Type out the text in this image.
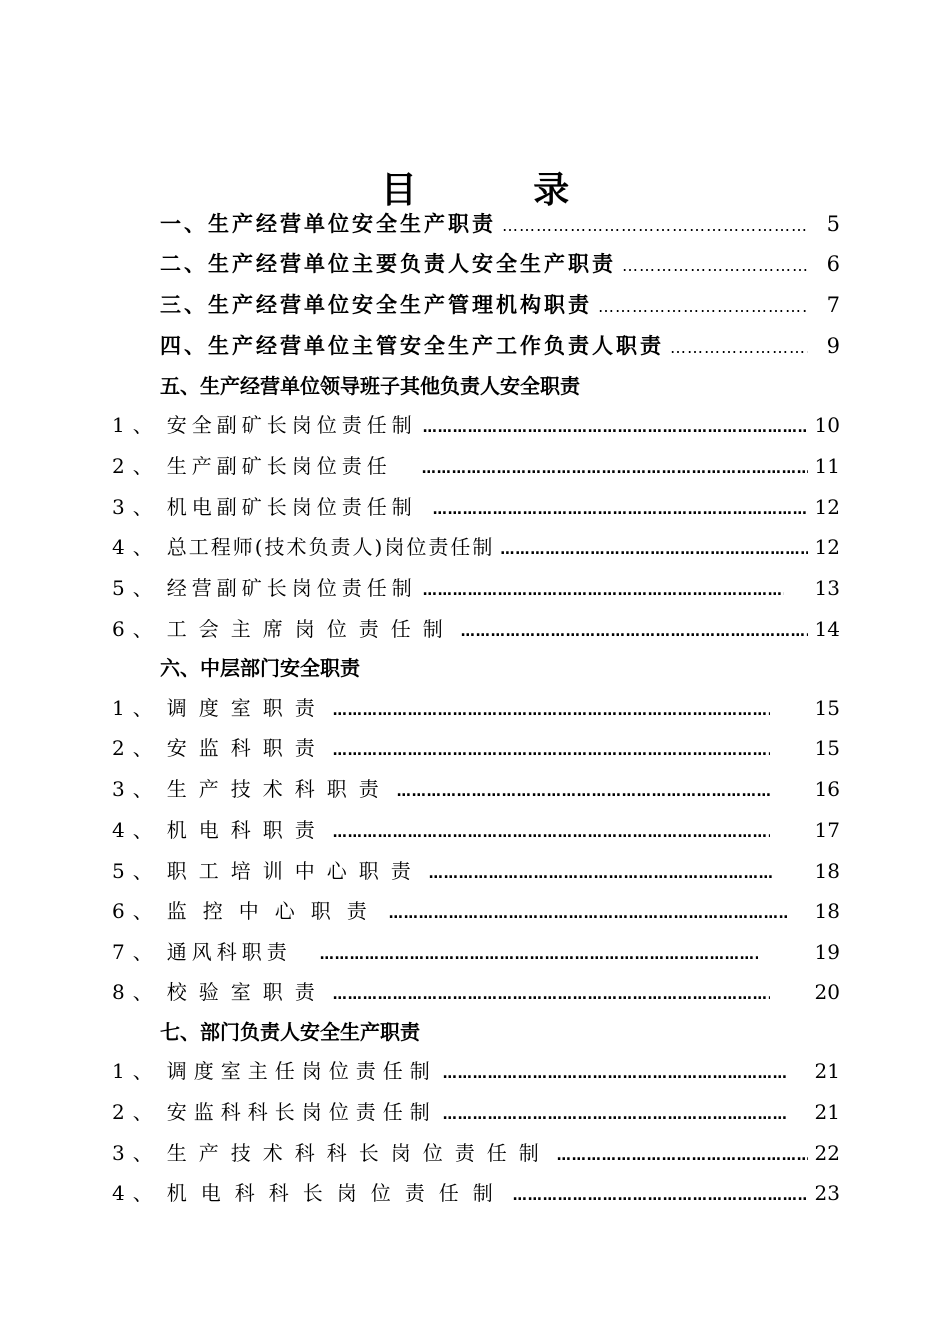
目 录
一、生产经营单位安全生产职责 …………………………………………………………………………………………………………………………………………	5
二、生产经营单位主要负责人安全生产职责 …………………………………………………………………………………………………………………………………………	6
三、生产经营单位安全生产管理机构职责 …………………………………………………………………………………………………………………………………………	7
四、生产经营单位主管安全生产工作负责人职责 …………………………………………………………………………………………………………………………………………	9
五、生产经营单位领导班子其他负责人安全职责
1、 安全副矿长岗位责任制 …………………………………………………………………………………………………………………………………………	10
2、 生产副矿长岗位责任 …………………………………………………………………………………………………………………………………………	11
3、 机电副矿长岗位责任制 …………………………………………………………………………………………………………………………………………	12
4、 总工程师(技术负责人)岗位责任制 …………………………………………………………………………………………………………………………………………	12
5、 经营副矿长岗位责任制 …………………………………………………………………………………………………………………………………………	13
6、 工会主席岗位责任制 …………………………………………………………………………………………………………………………………………	14
六、中层部门安全职责
1、 调度室职责 …………………………………………………………………………………………………………………………………………	15
2、 安监科职责 …………………………………………………………………………………………………………………………………………	15
3、 生产技术科职责 …………………………………………………………………………………………………………………………………………	16
4、 机电科职责 …………………………………………………………………………………………………………………………………………	17
5、 职工培训中心职责 …………………………………………………………………………………………………………………………………………	18
6、 监控中心职责 …………………………………………………………………………………………………………………………………………	18
7、 通风科职责 …………………………………………………………………………………………………………………………………………	19
8、 校验室职责 …………………………………………………………………………………………………………………………………………	20
七、部门负责人安全生产职责
1、 调度室主任岗位责任制 …………………………………………………………………………………………………………………………………………	21
2、 安监科科长岗位责任制 …………………………………………………………………………………………………………………………………………	21
3、 生产技术科科长岗位责任制 …………………………………………………………………………………………………………………………………………	22
4、 机电科科长岗位责任制 …………………………………………………………………………………………………………………………………………	23
